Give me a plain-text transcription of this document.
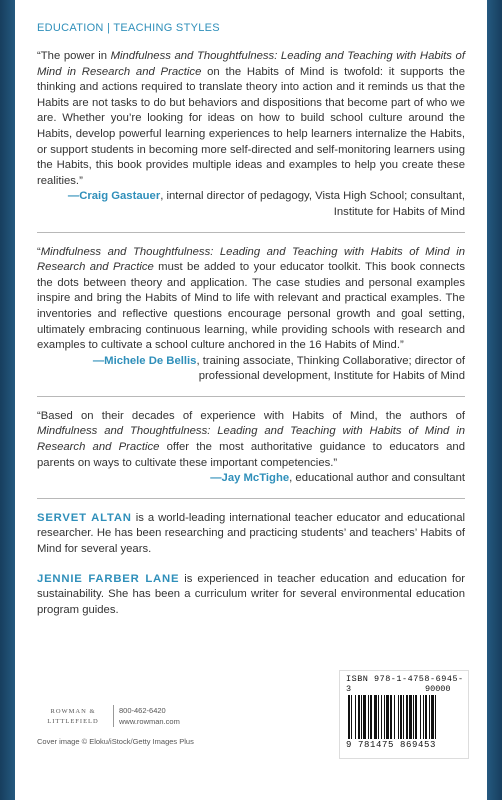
EDUCATION | TEACHING STYLES

“The power in Mindfulness and Thoughtfulness: Leading and Teaching with Habits of Mind in Research and Practice on the Habits of Mind is twofold: it supports the thinking and actions required to translate theory into action and it reminds us that the Habits are not tasks to do but behaviors and dispositions that become part of who we are. Whether you’re looking for ideas on how to build school culture around the Habits, develop powerful learning experiences to help learners internalize the Habits, or support students in becoming more self-directed and self-monitoring learners using the Habits, this book provides multiple ideas and examples to help you create these realities.”

—Craig Gastauer, internal director of pedagogy, Vista High School; consultant, Institute for Habits of Mind

“Mindfulness and Thoughtfulness: Leading and Teaching with Habits of Mind in Research and Practice must be added to your educator toolkit. This book connects the dots between theory and application. The case studies and personal examples inspire and bring the Habits of Mind to life with relevant and practical examples. The inventories and reflective questions encourage personal growth and goal setting, ultimately embracing continuous learning, while providing schools with research and examples to cultivate a school culture anchored in the 16 Habits of Mind.”

—Michele De Bellis, training associate, Thinking Collaborative; director of professional development, Institute for Habits of Mind

“Based on their decades of experience with Habits of Mind, the authors of Mindfulness and Thoughtfulness: Leading and Teaching with Habits of Mind in Research and Practice offer the most authoritative guidance to educators and parents on ways to cultivate these important competencies.”

—Jay McTighe, educational author and consultant

SERVET ALTAN is a world-leading international teacher educator and educational researcher. He has been researching and practicing students’ and teachers’ Habits of Mind for several years.

JENNIE FARBER LANE is experienced in teacher education and education for sustainability. She has been a curriculum writer for several environmental education program guides.

ROWMAN &
LITTLEFIELD
800-462-6420
www.rowman.com
Cover image © Eloku/iStock/Getty Images Plus
ISBN 978-1-4758-6945-3	90000
9 781475 869453
